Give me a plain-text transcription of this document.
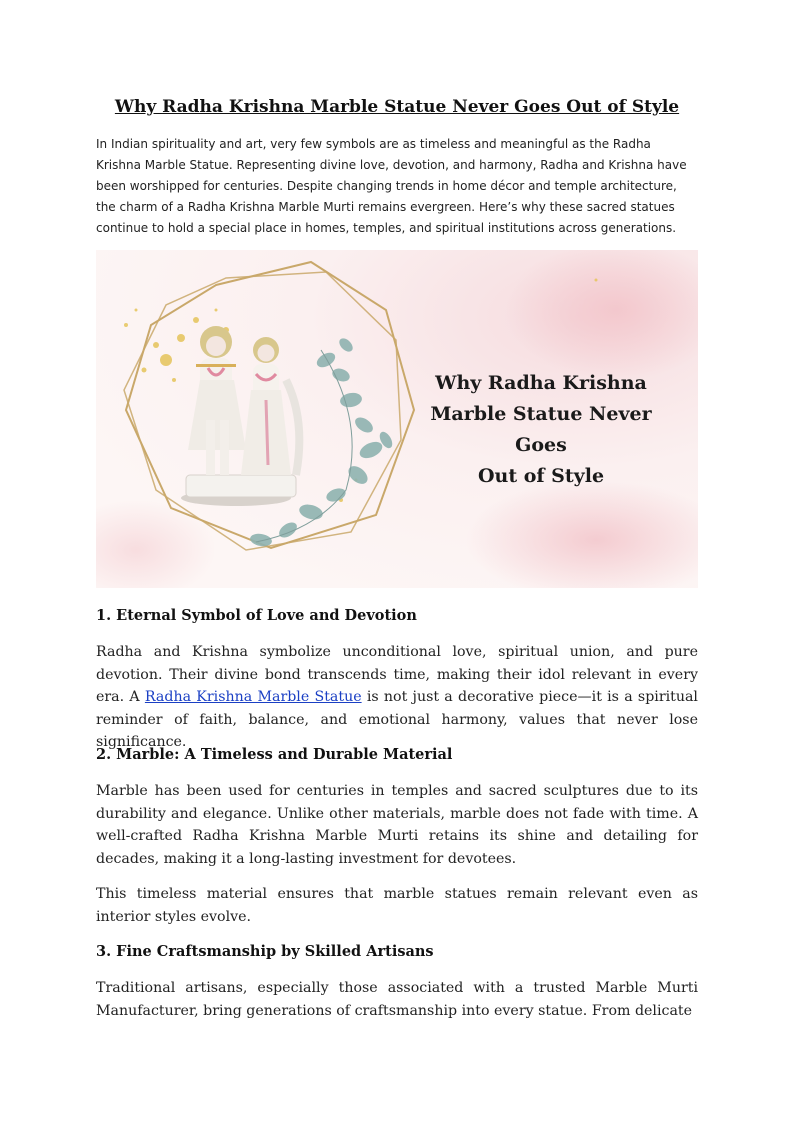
Why Radha Krishna Marble Statue Never Goes Out of Style

In Indian spirituality and art, very few symbols are as timeless and meaningful as the Radha Krishna Marble Statue. Representing divine love, devotion, and harmony, Radha and Krishna have been worshipped for centuries. Despite changing trends in home décor and temple architecture, the charm of a Radha Krishna Marble Murti remains evergreen. Here’s why these sacred statues continue to hold a special place in homes, temples, and spiritual institutions across generations.

Why Radha Krishna
Marble Statue Never Goes
Out of Style
1. Eternal Symbol of Love and Devotion

Radha and Krishna symbolize unconditional love, spiritual union, and pure devotion. Their divine bond transcends time, making their idol relevant in every era. A Radha Krishna Marble Statue is not just a decorative piece—it is a spiritual reminder of faith, balance, and emotional harmony, values that never lose significance.

2. Marble: A Timeless and Durable Material

Marble has been used for centuries in temples and sacred sculptures due to its durability and elegance. Unlike other materials, marble does not fade with time. A well-crafted Radha Krishna Marble Murti retains its shine and detailing for decades, making it a long-lasting investment for devotees.

This timeless material ensures that marble statues remain relevant even as interior styles evolve.

3. Fine Craftsmanship by Skilled Artisans

Traditional artisans, especially those associated with a trusted Marble Murti Manufacturer, bring generations of craftsmanship into every statue. From delicate
